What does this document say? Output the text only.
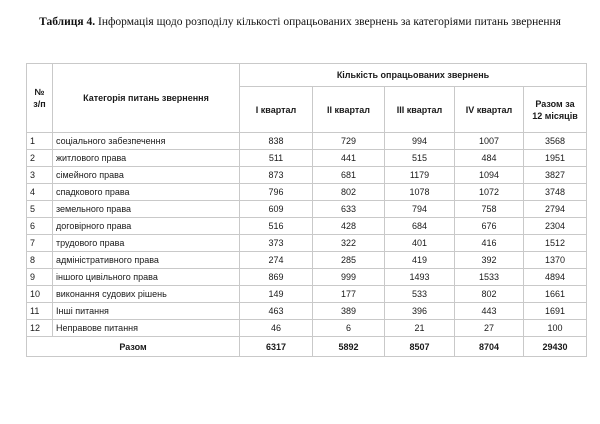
Таблиця 4. Інформація щодо розподілу кількості опрацьованих звернень за категоріями питань звернення
№
з/п	Категорія питань звернення	Кількість опрацьованих звернень				
		I квартал	II квартал	III квартал	IV квартал	Разом за
12 місяців
1	соціального забезпечення	838	729	994	1007	3568
2	житлового права	511	441	515	484	1951
3	сімейного права	873	681	1179	1094	3827
4	спадкового права	796	802	1078	1072	3748
5	земельного права	609	633	794	758	2794
6	договірного права	516	428	684	676	2304
7	трудового права	373	322	401	416	1512
8	адміністративного права	274	285	419	392	1370
9	іншого цивільного права	869	999	1493	1533	4894
10	виконання судових рішень	149	177	533	802	1661
11	Інші питання	463	389	396	443	1691
12	Неправове питання	46	6	21	27	100
Разом		6317	5892	8507	8704	29430
